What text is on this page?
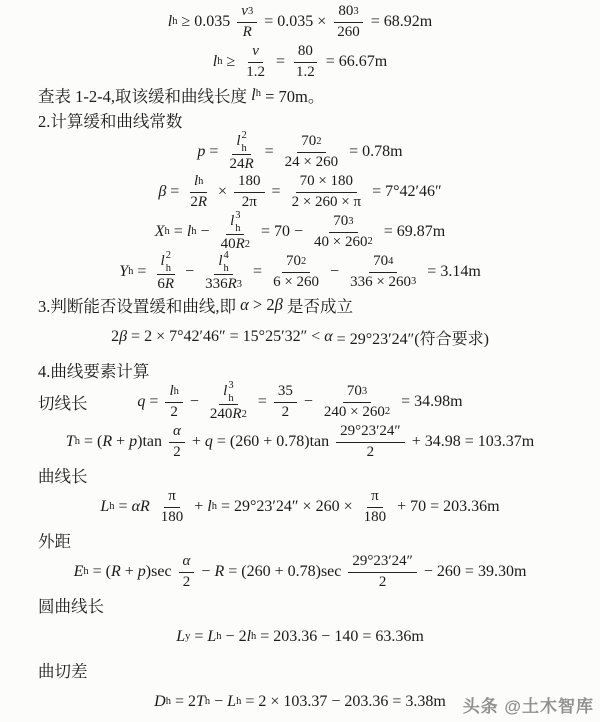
l $h \ge 0.035 \frac{v 3}{R} = 0.035 \times \frac{80 3}{260} = 68.92m$
l $h \ge \frac{v}{1.2} = \frac{80}{1.2} = 66.67m$
查表 1-2-4,取该缓和曲线长度 l h = 70m。
2.计算缓和曲线常数
p = l 2
h
$24R = \frac{70 2}{24 \times 260} = 0.78m$
$\beta = \frac{\text{l h}}{2R} \times \frac{180}{2\pi} = \frac{70 \times 180}{2 \times 260 \times \pi} = 7^\circ 42'46''$
X h = l h − l 3
h
40 R $2 = 70 - \frac{70 3}{40 \times 260 2} = 69.87m$
Y h = l 2
h
6R − l 4
h
336 R $3 = \frac{70 2}{6 \times 260} - \frac{70 4}{336 \times 260 3} = 3.14m$
3.判断能否设置缓和曲线,即 α > 2 β 是否成立
2 β = 2 × 7°42′46″ = 15°25′32″ < α = 29°23′24″(符合要求)
4.曲线要素计算
切线长	$q = \frac{\text{l h}}{2} - l$ 3
h
240 R $2 = \frac{35}{2} - \frac{70 3}{240 \times 260 2} = 34.98m$
T h = ( R + p )$\tan \frac{\alpha}{2} + q = (260 + 0.78)\tan \frac{29^\circ 23'24''}{2} + 34.98 = 103.37m$
曲线长
L h = αR
$\frac{\pi}{180} + l$ $h = 29^\circ 23'24'' \times 260 \times \frac{\pi}{180} + 70 = 203.36m$
外距
E h = ( R + p )$\sec \frac{\alpha}{2} - R = (260 + 0.78)\sec \frac{29^\circ 23'24''}{2} - 260 = 39.30m$
圆曲线长
L y = L h − 2 l h = 203.36 − 140 = 63.36m
曲切差
D h = 2 T h − L h = 2 × 103.37 − 203.36 = 3.38m 头条 @土木智库
